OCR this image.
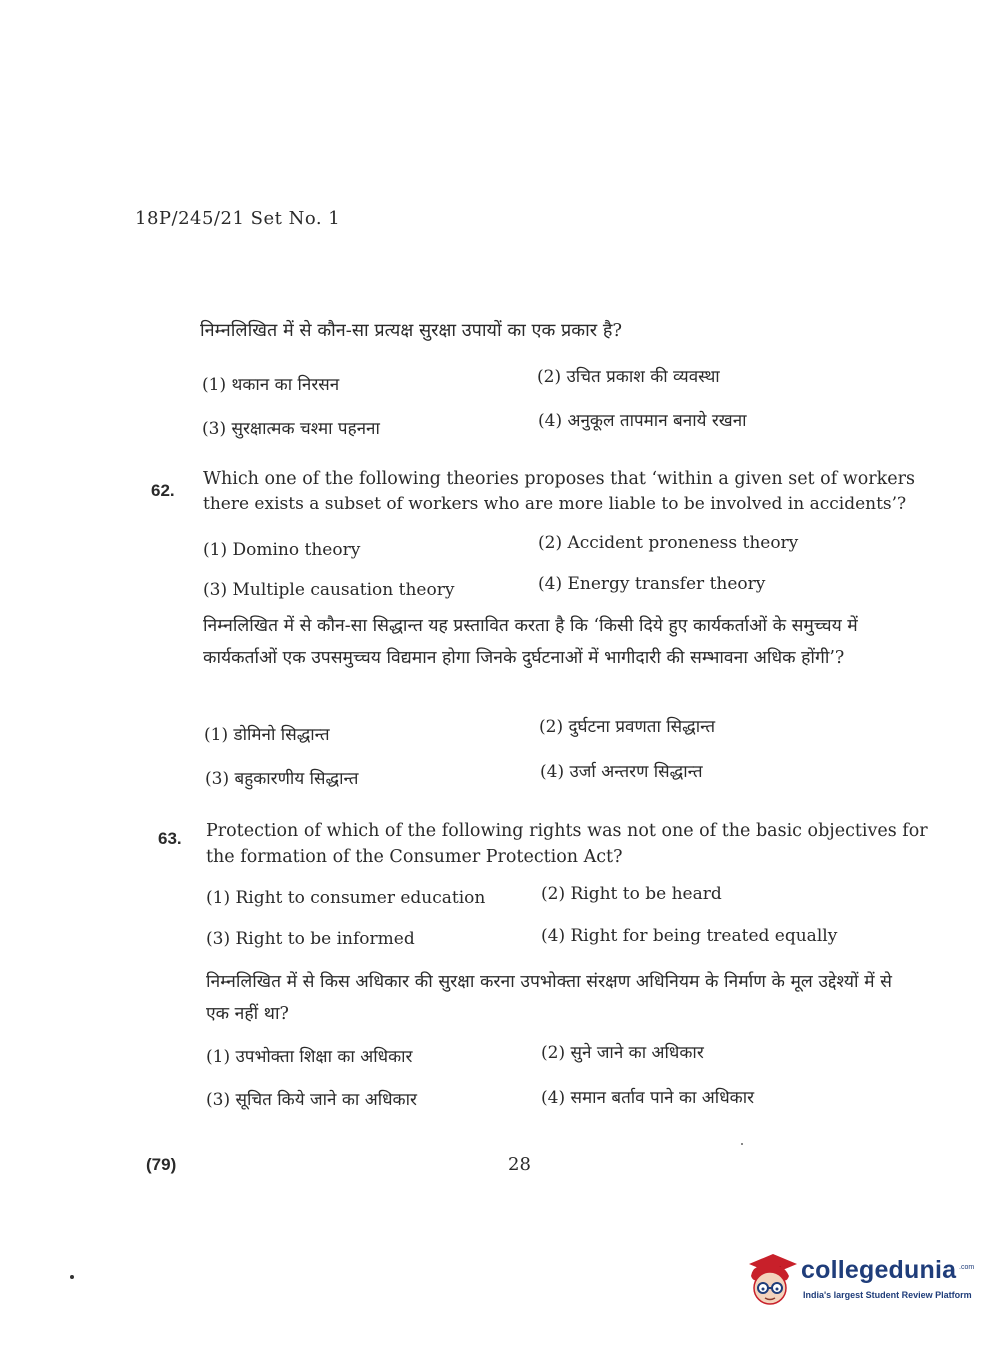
18P/245/21 Set No. 1
निम्नलिखित में से कौन-सा प्रत्यक्ष सुरक्षा उपायों का एक प्रकार है?
(1) थकान का निरसन	(2) उचित प्रकाश की व्यवस्था
(3) सुरक्षात्मक चश्मा पहनना	(4) अनुकूल तापमान बनाये रखना
62.
Which one of the following theories proposes that ‘within a given set of workers
there exists a subset of workers who are more liable to be involved in accidents’?
(1) Domino theory	(2) Accident proneness theory
(3) Multiple causation theory	(4) Energy transfer theory
निम्नलिखित में से कौन-सा सिद्धान्त यह प्रस्तावित करता है कि ‘किसी दिये हुए कार्यकर्ताओं के समुच्चय में कार्यकर्ताओं एक उपसमुच्चय विद्यमान होगा जिनके दुर्घटनाओं में भागीदारी की सम्भावना अधिक होंगी’?
(1) डोमिनो सिद्धान्त	(2) दुर्घटना प्रवणता सिद्धान्त
(3) बहुकारणीय सिद्धान्त	(4) उर्जा अन्तरण सिद्धान्त
63. Protection of which of the following rights was not one of the basic objectives for
the formation of the Consumer Protection Act?
(1) Right to consumer education	(2) Right to be heard
(3) Right to be informed	(4) Right for being treated equally
निम्नलिखित में से किस अधिकार की सुरक्षा करना उपभोक्ता संरक्षण अधिनियम के निर्माण के मूल उद्देश्यों में से एक नहीं था?
(1) उपभोक्ता शिक्षा का अधिकार	(2) सुने जाने का अधिकार
(3) सूचित किये जाने का अधिकार	(4) समान बर्ताव पाने का अधिकार
(79)	28
collegedunia .com
India's largest Student Review Platform
